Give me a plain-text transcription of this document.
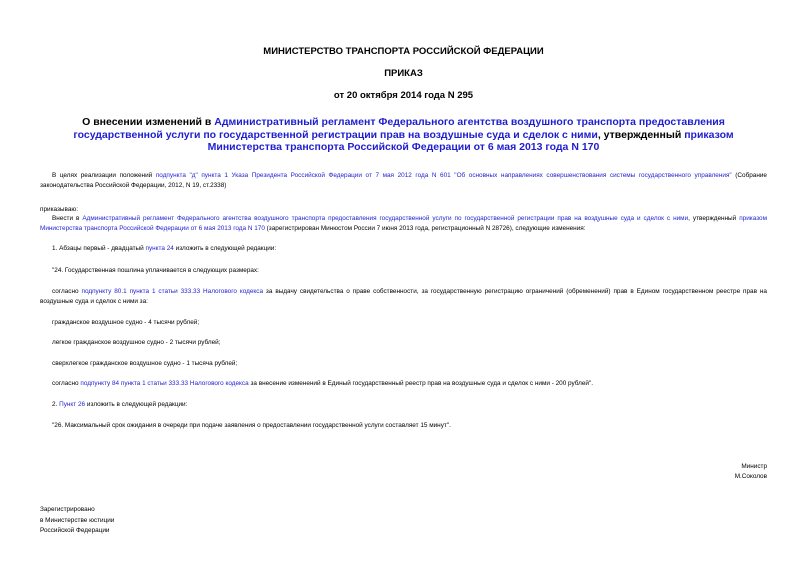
МИНИСТЕРСТВО ТРАНСПОРТА РОССИЙСКОЙ ФЕДЕРАЦИИ
ПРИКАЗ
от 20 октября 2014 года N 295
О внесении изменений в Административный регламент Федерального агентства воздушного транспорта предоставления государственной услуги по государственной регистрации прав на воздушные суда и сделок с ними, утвержденный приказом Министерства транспорта Российской Федерации от 6 мая 2013 года N 170
В целях реализации положений подпункта "д" пункта 1 Указа Президента Российской Федерации от 7 мая 2012 года N 601 "Об основных направлениях совершенствования системы государственного управления" (Собрание законодательства Российской Федерации, 2012, N 19, ст.2338)
приказываю:
Внести в Административный регламент Федерального агентства воздушного транспорта предоставления государственной услуги по государственной регистрации прав на воздушные суда и сделок с ними, утвержденный приказом Министерства транспорта Российской Федерации от 6 мая 2013 года N 170 (зарегистрирован Минюстом России 7 июня 2013 года, регистрационный N 28726), следующие изменения:
1. Абзацы первый - двадцатый пункта 24 изложить в следующей редакции:
"24. Государственная пошлина уплачивается в следующих размерах:
согласно подпункту 80.1 пункта 1 статьи 333.33 Налогового кодекса за выдачу свидетельства о праве собственности, за государственную регистрацию ограничений (обременений) прав в Едином государственном реестре прав на воздушные суда и сделок с ними за:
гражданское воздушное судно - 4 тысячи рублей;
легкое гражданское воздушное судно - 2 тысячи рублей;
сверхлегкое гражданское воздушное судно - 1 тысяча рублей;
согласно подпункту 84 пункта 1 статьи 333.33 Налогового кодекса за внесение изменений в Единый государственный реестр прав на воздушные суда и сделок с ними - 200 рублей".
2. Пункт 26 изложить в следующей редакции:
"26. Максимальный срок ожидания в очереди при подаче заявления о предоставлении государственной услуги составляет 15 минут".
Министр
М.Соколов
Зарегистрировано
в Министерстве юстиции
Российской Федерации
